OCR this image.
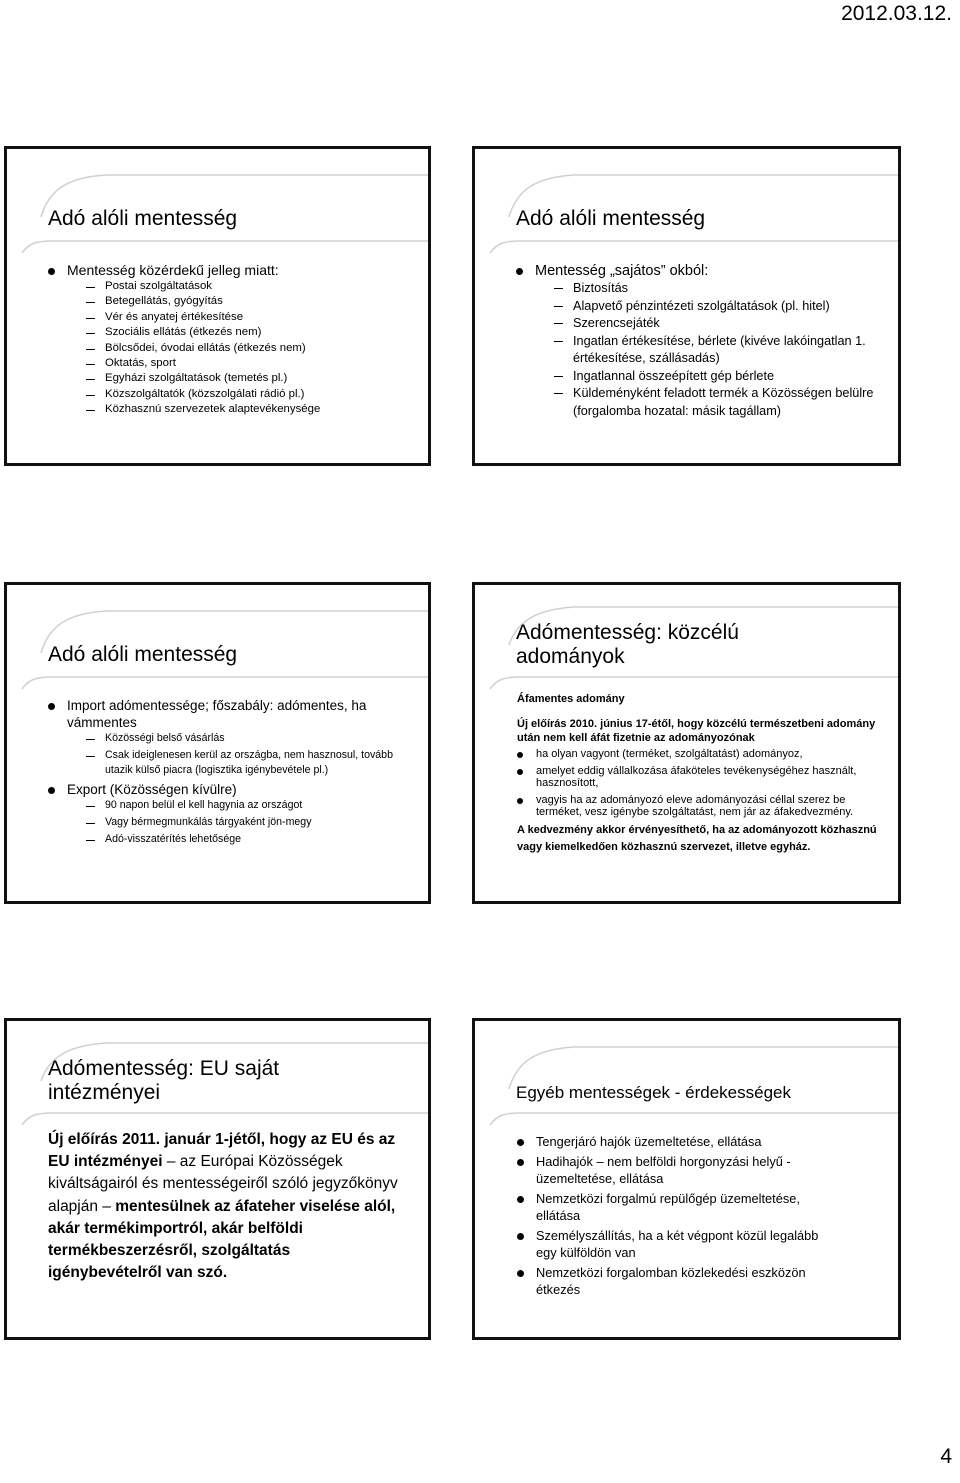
2012.03.12.
Adó alóli mentesség
Mentesség közérdekű jelleg miatt:
Postai szolgáltatások
Betegellátás, gyógyítás
Vér és anyatej értékesítése
Szociális ellátás (étkezés nem)
Bölcsődei, óvodai ellátás (étkezés nem)
Oktatás, sport
Egyházi szolgáltatások (temetés pl.)
Közszolgáltatók (közszolgálati rádió pl.)
Közhasznú szervezetek alaptevékenysége
Adó alóli mentesség
Mentesség „sajátos” okból:
Biztosítás
Alapvető pénzintézeti szolgáltatások (pl. hitel)
Szerencsejáték
Ingatlan értékesítése, bérlete (kivéve lakóingatlan 1. értékesítése, szállásadás)
Ingatlannal összeépített gép bérlete
Küldeményként feladott termék a Közösségen belülre (forgalomba hozatal: másik tagállam)
Adó alóli mentesség
Import adómentessége; főszabály: adómentes, ha vámmentes
Közösségi belső vásárlás
Csak ideiglenesen kerül az országba, nem hasznosul, tovább utazik külső piacra (logisztika igénybevétele pl.)
Export (Közösségen kívülre)
90 napon belül el kell hagynia az országot
Vagy bérmegmunkálás tárgyaként jön-megy
Adó-visszatérítés lehetősége
Adómentesség: közcélú
adományok
Áfamentes adomány
Új előírás 2010. június 17-étől, hogy közcélú természetbeni adomány után nem kell áfát fizetnie az adományozónak
ha olyan vagyont (terméket, szolgáltatást) adományoz,
amelyet eddig vállalkozása áfaköteles tevékenységéhez használt, hasznosított,
vagyis ha az adományozó eleve adományozási céllal szerez be terméket, vesz igénybe szolgáltatást, nem jár az áfakedvezmény.
A kedvezmény akkor érvényesíthető, ha az adományozott közhasznú vagy kiemelkedően közhasznú szervezet, illetve egyház.
Adómentesség: EU saját
intézményei
Új előírás 2011. január 1-jétől, hogy az EU és az EU intézményei – az Európai Közösségek kiváltságairól és mentességeiről szóló jegyzőkönyv alapján – mentesülnek az áfateher viselése alól, akár termékimportról, akár belföldi termékbeszerzésről, szolgáltatás igénybevételről van szó.
Egyéb mentességek - érdekességek
Tengerjáró hajók üzemeltetése, ellátása
Hadihajók – nem belföldi horgonyzási helyű - üzemeltetése, ellátása
Nemzetközi forgalmú repülőgép üzemeltetése, ellátása
Személyszállítás, ha a két végpont közül legalább egy külföldön van
Nemzetközi forgalomban közlekedési eszközön étkezés
4
